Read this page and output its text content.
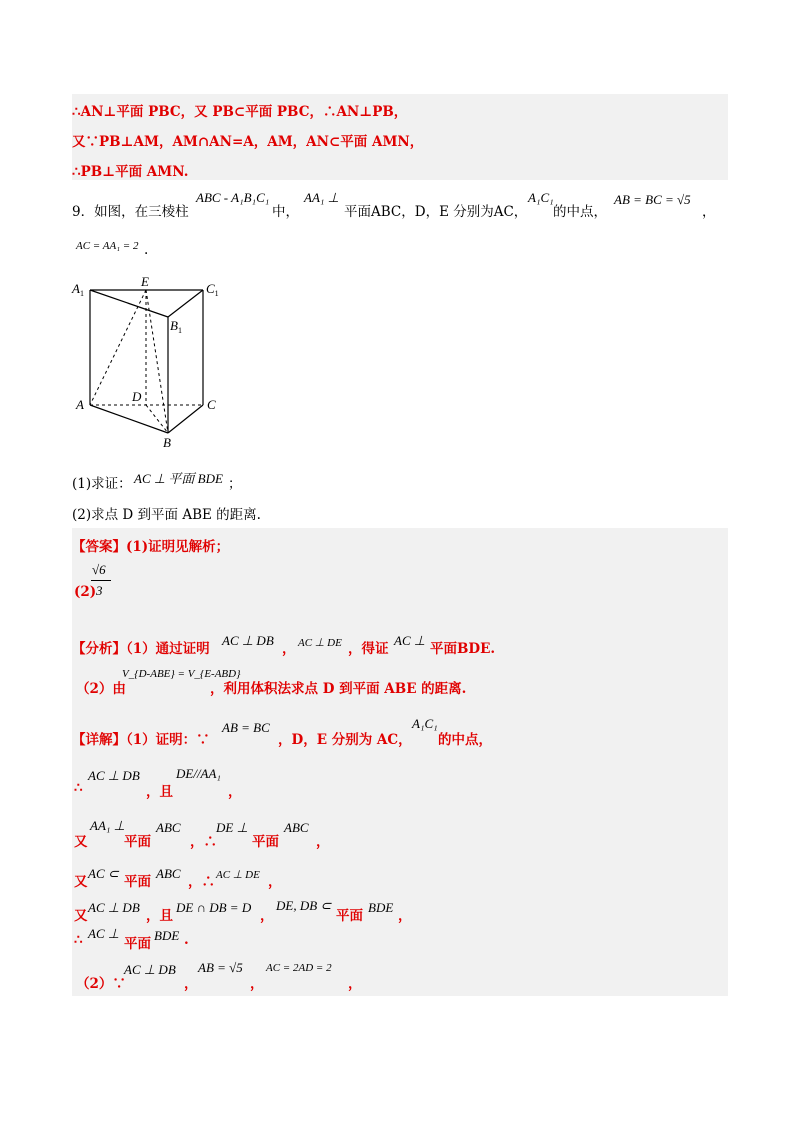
∴AN⊥平面 PBC，又 PB⊂平面 PBC，∴AN⊥PB，
又∵PB⊥AM，AM∩AN=A，AM，AN⊂平面 AMN，
∴PB⊥平面 AMN.
9．如图，在三棱柱
ABC - A₁B₁C₁
中，
AA₁ ⊥
平面ABC，D，E 分别为AC，
A₁C₁
的中点，
AB = BC = √5
，
AC = AA₁ = 2 .
$A_1$
E	$C_1$
$B_1$
A
D
C
B
(1)求证： AC ⊥ 平面 BDE ；
(2)求点 D 到平面 ABE 的距离.
【答案】(1)证明见解析；
(2)
√6
3
【分析】（1）通过证明
AC ⊥ DB
， AC ⊥ DE ，得证
AC ⊥
平面BDE.
（2）由
V_{D-ABE} = V_{E-ABD}
，利用体积法求点 D 到平面 ABE 的距离.
【详解】（1）证明：∵
AB = BC
，D，E 分别为 AC，
A₁C₁
的中点，
∴
AC ⊥ DB
，且
DE//AA₁
，
又
AA₁ ⊥
平面
ABC
，∴
DE ⊥
平面
ABC
，
又
AC ⊂
平面
ABC
，∴ AC ⊥ DE ，
又
AC ⊥ DB
，且
DE ∩ DB = D
，
DE, DB ⊂
平面
BDE
，
∴ AC ⊥
平面
BDE .
（2）∵
AC ⊥ DB
，
AB = √5
，
AC = 2AD = 2
，
